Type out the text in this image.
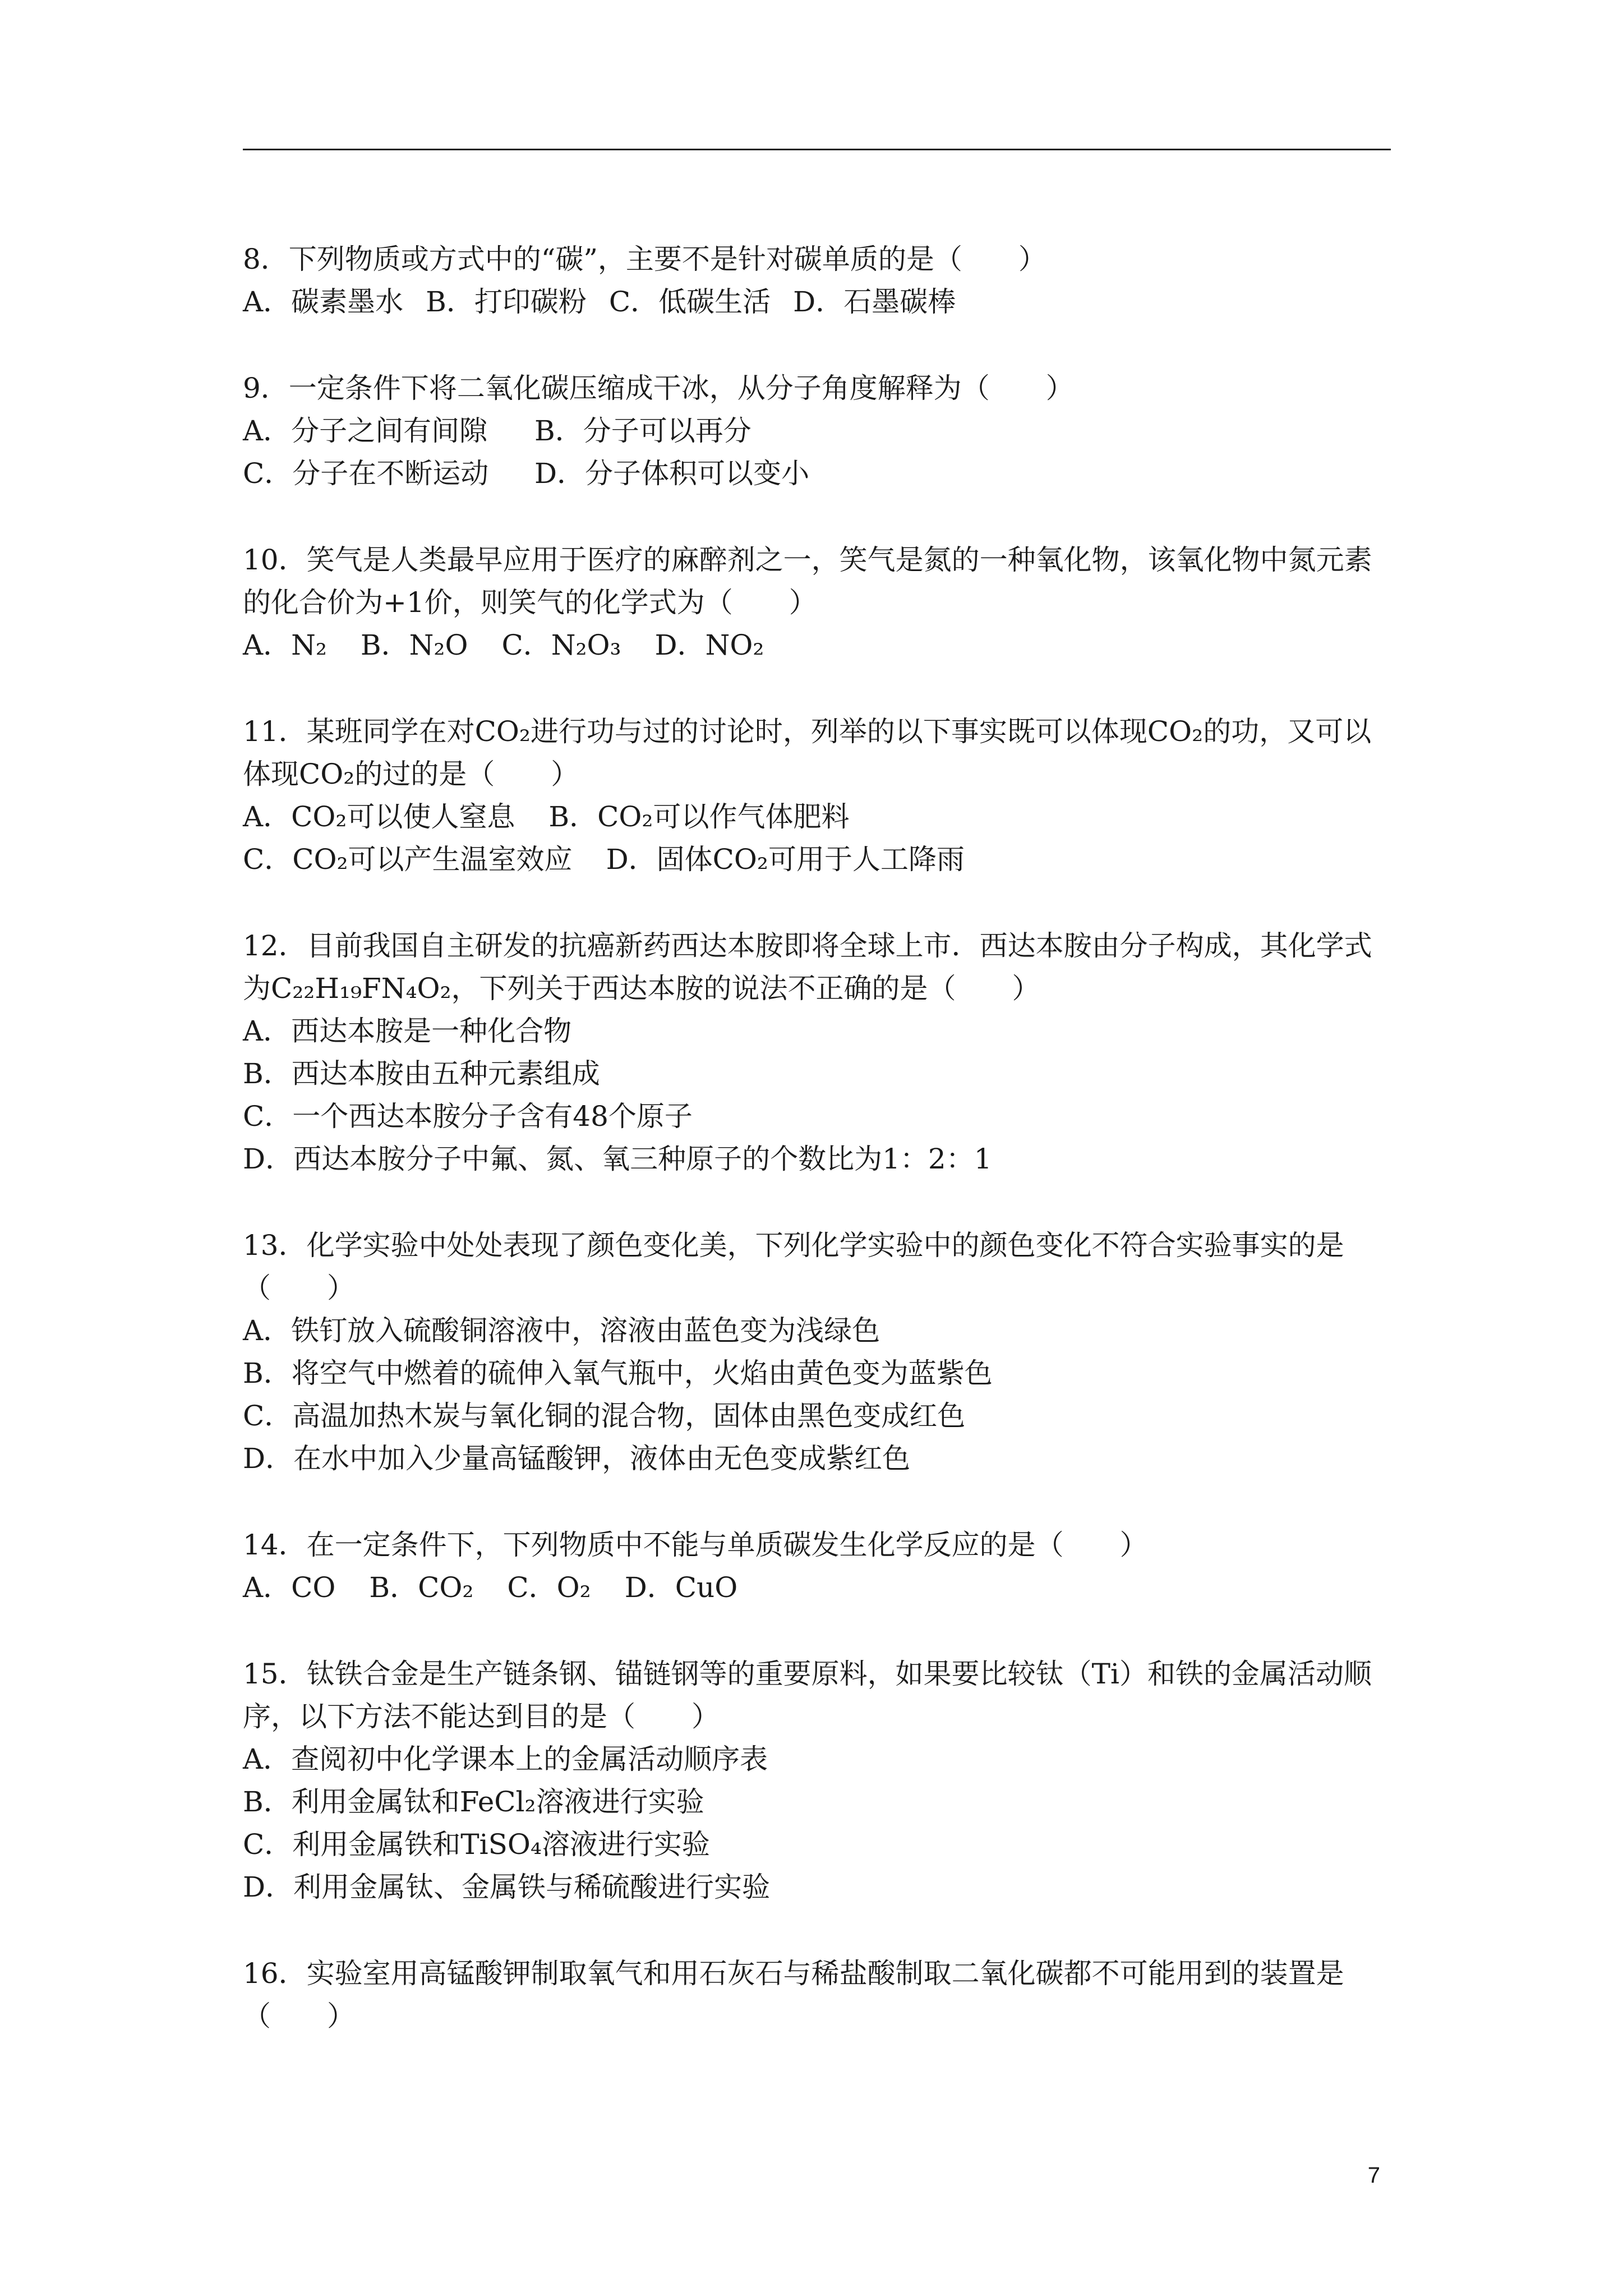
8．下列物质或方式中的“碳”，主要不是针对碳单质的是（　　）
A．碳素墨水 B．打印碳粉 C．低碳生活 D．石墨碳棒
9．一定条件下将二氧化碳压缩成干冰，从分子角度解释为（　　）
A．分子之间有间隙 B．分子可以再分
C．分子在不断运动 D．分子体积可以变小
10．笑气是人类最早应用于医疗的麻醉剂之一，笑气是氮的一种氧化物，该氧化物中氮元素的化合价为+1价，则笑气的化学式为（　　）
A．N₂ B．N₂O C．N₂O₃ D．NO₂
11．某班同学在对CO₂进行功与过的讨论时，列举的以下事实既可以体现CO₂的功，又可以体现CO₂的过的是（　　）
A．CO₂可以使人窒息 B．CO₂可以作气体肥料
C．CO₂可以产生温室效应 D．固体CO₂可用于人工降雨
12．目前我国自主研发的抗癌新药西达本胺即将全球上市．西达本胺由分子构成，其化学式为C₂₂H₁₉FN₄O₂，下列关于西达本胺的说法不正确的是（　　）
A．西达本胺是一种化合物
B．西达本胺由五种元素组成
C．一个西达本胺分子含有48个原子
D．西达本胺分子中氟、氮、氧三种原子的个数比为1：2：1
13．化学实验中处处表现了颜色变化美，下列化学实验中的颜色变化不符合实验事实的是（　　）
A．铁钉放入硫酸铜溶液中，溶液由蓝色变为浅绿色
B．将空气中燃着的硫伸入氧气瓶中，火焰由黄色变为蓝紫色
C．高温加热木炭与氧化铜的混合物，固体由黑色变成红色
D．在水中加入少量高锰酸钾，液体由无色变成紫红色
14．在一定条件下，下列物质中不能与单质碳发生化学反应的是（　　）
A．CO B．CO₂ C．O₂ D．CuO
15．钛铁合金是生产链条钢、锚链钢等的重要原料，如果要比较钛（Ti）和铁的金属活动顺序，以下方法不能达到目的是（　　）
A．查阅初中化学课本上的金属活动顺序表
B．利用金属钛和FeCl₂溶液进行实验
C．利用金属铁和TiSO₄溶液进行实验
D．利用金属钛、金属铁与稀硫酸进行实验
16．实验室用高锰酸钾制取氧气和用石灰石与稀盐酸制取二氧化碳都不可能用到的装置是（　　）
7
